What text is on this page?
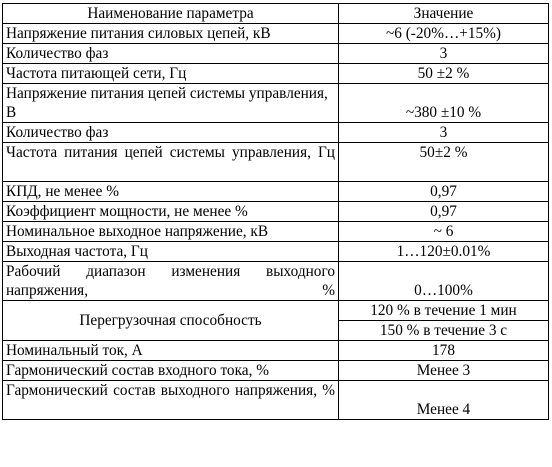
Наименование параметра	Значение
Напряжение питания силовых цепей, кВ	~6 (-20%…+15%)
Количество фаз	3
Частота питающей сети, Гц	50 ±2 %
Напряжение питания цепей системы управления, В	~380 ±10 %
Количество фаз	3
Частота питания цепей системы управления, Гц	50±2 %
КПД, не менее %	0,97
Коэффициент мощности, не менее %	0,97
Номинальное выходное напряжение, кВ	~ 6
Выходная частота, Гц	1…120±0.01%
Рабочий диапазон изменения выходного напряжения, %	0…100%
Перегрузочная способность	120 % в течение 1 мин
	150 % в течение 3 с
Номинальный ток, А	178
Гармонический состав входного тока, %	Менее 3
Гармонический состав выходного напряжения, %	Менее 4
